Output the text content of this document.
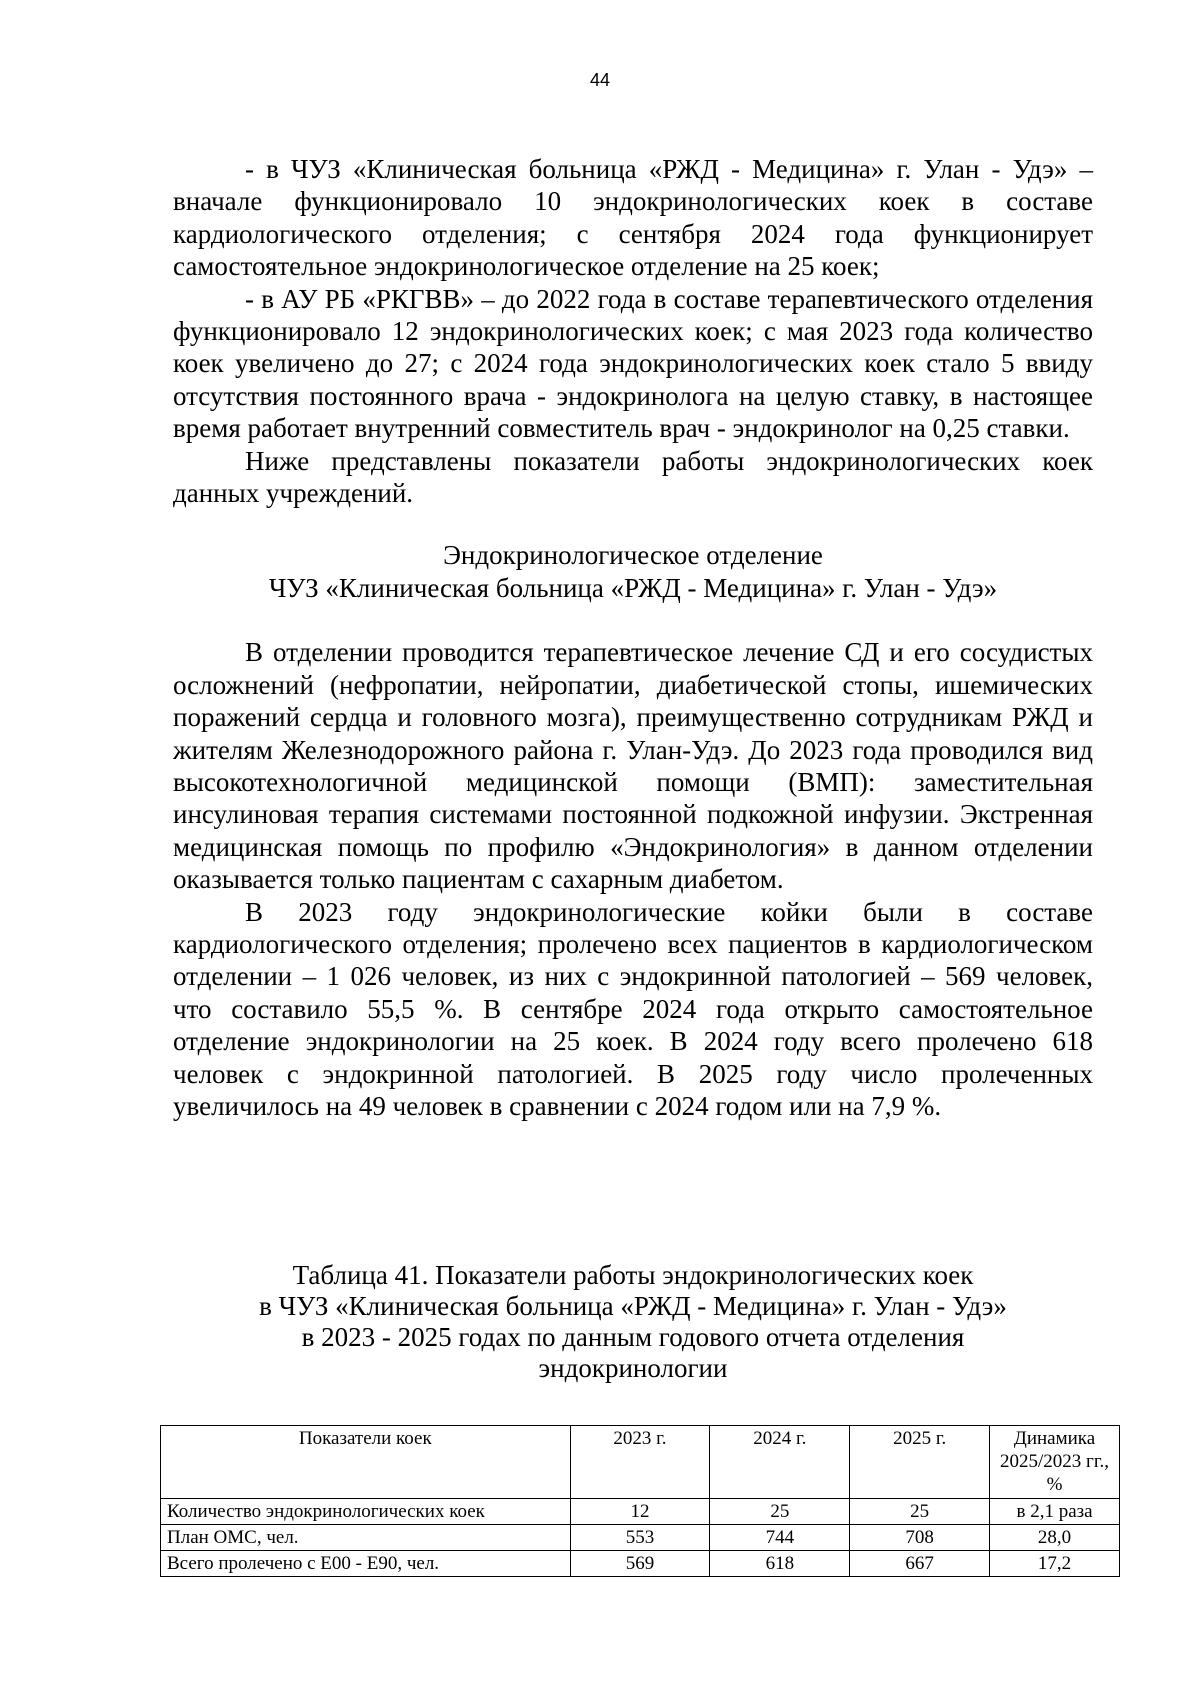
44

- в ЧУЗ «Клиническая больница «РЖД - Медицина» г. Улан - Удэ» – вначале функционировало 10 эндокринологических коек в составе кардиологического отделения; с сентября 2024 года функционирует самостоятельное эндокринологическое отделение на 25 коек;

- в АУ РБ «РКГВВ» – до 2022 года в составе терапевтического отделения функционировало 12 эндокринологических коек; с мая 2023 года количество коек увеличено до 27; с 2024 года эндокринологических коек стало 5 ввиду отсутствия постоянного врача - эндокринолога на целую ставку, в настоящее время работает внутренний совместитель врач - эндокринолог на 0,25 ставки.

Ниже представлены показатели работы эндокринологических коек данных учреждений.

Эндокринологическое отделение
ЧУЗ «Клиническая больница «РЖД - Медицина» г. Улан - Удэ»

В отделении проводится терапевтическое лечение СД и его сосудистых осложнений (нефропатии, нейропатии, диабетической стопы, ишемических поражений сердца и головного мозга), преимущественно сотрудникам РЖД и жителям Железнодорожного района г. Улан-Удэ. До 2023 года проводился вид высокотехнологичной медицинской помощи (ВМП): заместительная инсулиновая терапия системами постоянной подкожной инфузии. Экстренная медицинская помощь по профилю «Эндокринология» в данном отделении оказывается только пациентам с сахарным диабетом.

В 2023 году эндокринологические койки были в составе кардиологического отделения; пролечено всех пациентов в кардиологическом отделении – 1 026 человек, из них с эндокринной патологией – 569 человек, что составило 55,5 %. В сентябре 2024 года открыто самостоятельное отделение эндокринологии на 25 коек. В 2024 году всего пролечено 618 человек с эндокринной патологией. В 2025 году число пролеченных увеличилось на 49 человек в сравнении с 2024 годом или на 7,9 %.

Таблица 41. Показатели работы эндокринологических коек
в ЧУЗ «Клиническая больница «РЖД - Медицина» г. Улан - Удэ»
в 2023 - 2025 годах по данным годового отчета отделения
эндокринологии
Показатели коек	2023 г.	2024 г.	2025 г.	Динамика 2025/2023 гг., %
Количество эндокринологических коек	12	25	25	в 2,1 раза
План ОМС, чел.	553	744	708	28,0
Всего пролечено с Е00 - Е90, чел.	569	618	667	17,2
